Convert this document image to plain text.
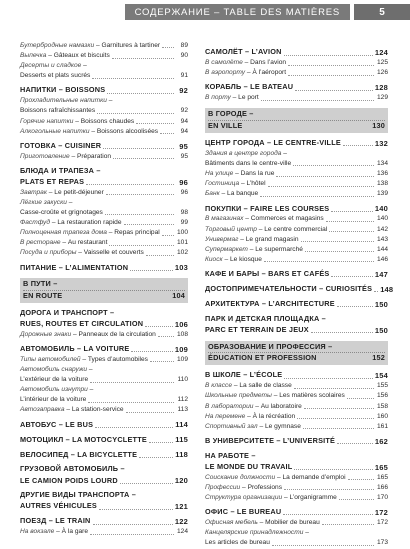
СОДЕРЖАНИЕ – TABLE DES MATIÈRES	5
Бутербродные намазки – Garnitures à tartiner	89
Выпечка – Gâteaux et biscuits	90
Десерты и сладкое –
Desserts et plats sucrés	91
НАПИТКИ – BOISSONS	92
Прохладительные напитки –
Boissons rafraîchissantes	92
Горячие напитки – Boissons chaudes	94
Алкогольные напитки – Boissons alcoolisées	94
ГОТОВКА – CUISINER	95
Приготовление – Préparation	95
БЛЮДА И ТРАПЕЗА –
PLATS ET REPAS	96
Завтрак – Le petit-déjeuner	96
Лёгкие закуски –
Casse-croûte et grignotages	98
Фастфуд – La restauration rapide	99
Полноценная трапеза дома – Repas principal	100
В ресторане – Au restaurant	101
Посуда и приборы – Vaisselle et couverts	102
ПИТАНИЕ – L’ALIMENTATION	103
В ПУТИ –
EN ROUTE	104
ДОРОГА И ТРАНСПОРТ –
RUES, ROUTES ET CIRCULATION	106
Дорожные знаки – Panneaux de la circulation	108
АВТОМОБИЛЬ – LA VOITURE	109
Типы автомобилей – Types d’automobiles	109
Автомобиль снаружи –
L’extérieur de la voiture	110
Автомобиль изнутри –
L’intérieur de la voiture	112
Автозаправка – La station-service	113
АВТОБУС – LE BUS	114
МОТОЦИКЛ – LA MOTOCYCLETTE	115
ВЕЛОСИПЕД – LA BICYCLETTE	118
ГРУЗОВОЙ АВТОМОБИЛЬ –
LE CAMION POIDS LOURD	120
ДРУГИЕ ВИДЫ ТРАНСПОРТА –
AUTRES VÉHICULES	121
ПОЕЗД – LE TRAIN	122
На вокзале – À la gare	124
САМОЛЁТ – L’AVION	124
В самолёте – Dans l’avion	125
В аэропорту – À l’aéroport	126
КОРАБЛЬ – LE BATEAU	128
В порту – Le port	129
В ГОРОДЕ –
EN VILLE	130
ЦЕНТР ГОРОДА – LE CENTRE-VILLE	132
Здания в центре города –
Bâtiments dans le centre-ville	134
На улице – Dans la rue	136
Гостиница – L’hôtel	138
Банк – La banque	139
ПОКУПКИ – FAIRE LES COURSES	140
В магазинах – Commerces et magasins	140
Торговый центр – Le centre commercial	142
Универмаг – Le grand magasin	143
Супермаркет – Le supermarché	144
Киоск – Le kiosque	146
КАФЕ И БАРЫ – BARS ET CAFÉS	147
ДОСТОПРИМЕЧАТЕЛЬНОСТИ – CURIOSITÉS 148
АРХИТЕКТУРА – L’ARCHITECTURE	150
ПАРК И ДЕТСКАЯ ПЛОЩАДКА –
PARC ET TERRAIN DE JEUX	150
ОБРАЗОВАНИЕ И ПРОФЕССИЯ –
ÉDUCATION ET PROFESSION	152
В ШКОЛЕ – L’ÉCOLE	154
В классе – La salle de classe	155
Школьные предметы – Les matières scolaires	156
В лаборатории – Au laboratoire	158
На перемене – À la récréation	160
Спортивный зал – Le gymnase	161
В УНИВЕРСИТЕТЕ – L’UNIVERSITÉ	162
НА РАБОТЕ –
LE MONDE DU TRAVAIL	165
Соискание должности – La demande d’emploi	165
Профессии – Professions	166
Структура организации – L’organigramme	170
ОФИС – LE BUREAU	172
Офисная мебель – Mobilier de bureau	172
Канцелярские принадлежности –
Les articles de bureau	173
